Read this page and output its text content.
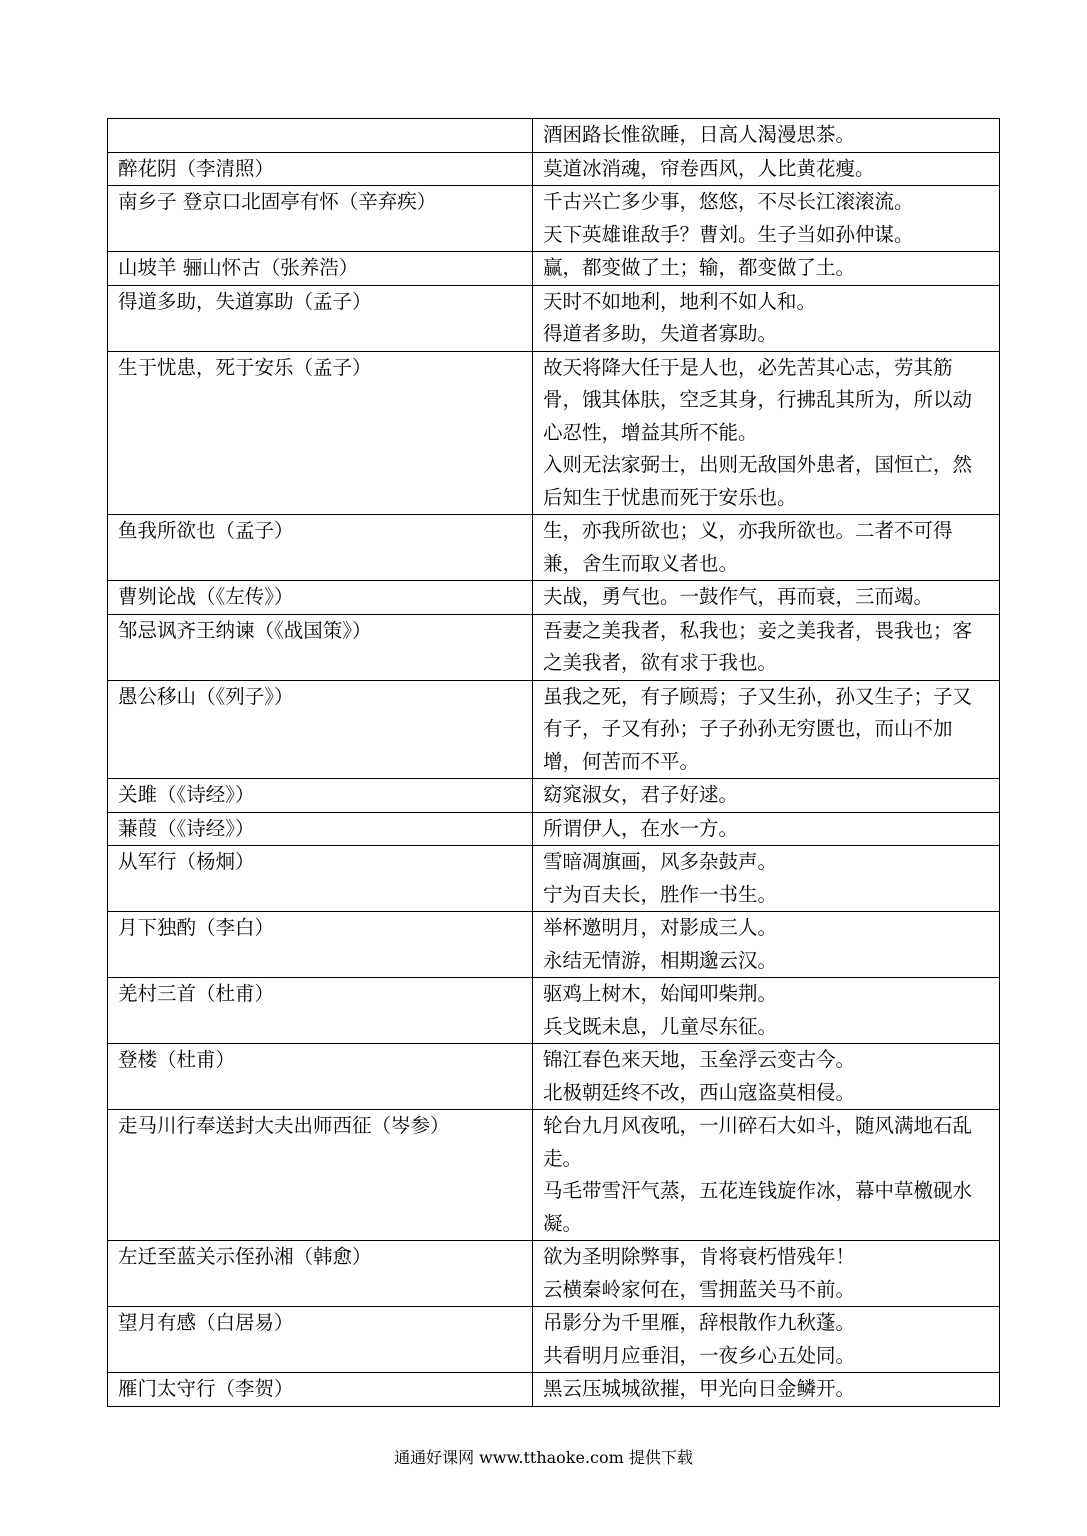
	酒困路长惟欲睡，日高人渴漫思茶。

醉花阴（李清照）	莫道冰消魂，帘卷西风，人比黄花瘦。

南乡子 登京口北固亭有怀（辛弃疾）	千古兴亡多少事，悠悠，不尽长江滚滚流。
天下英雄谁敌手？曹刘。生子当如孙仲谋。

山坡羊 骊山怀古（张养浩）	赢，都变做了土；输，都变做了土。

得道多助，失道寡助（孟子）	天时不如地利，地利不如人和。
得道者多助，失道者寡助。

生于忧患，死于安乐（孟子）	故天将降大任于是人也，必先苦其心志，劳其筋骨，饿其体肤，空乏其身，行拂乱其所为，所以动心忍性，增益其所不能。
入则无法家弼士，出则无敌国外患者，国恒亡，然后知生于忧患而死于安乐也。

鱼我所欲也（孟子）	生，亦我所欲也；义，亦我所欲也。二者不可得兼，舍生而取义者也。

曹刿论战（《左传》）	夫战，勇气也。一鼓作气，再而衰，三而竭。

邹忌讽齐王纳谏（《战国策》）	吾妻之美我者，私我也；妾之美我者，畏我也；客之美我者，欲有求于我也。

愚公移山（《列子》）	虽我之死，有子顾焉；子又生孙，孙又生子；子又有子，子又有孙；子子孙孙无穷匮也，而山不加增，何苦而不平。

关雎（《诗经》）	窈窕淑女，君子好逑。

蒹葭（《诗经》）	所谓伊人，在水一方。

从军行（杨炯）	雪暗凋旗画，风多杂鼓声。
宁为百夫长，胜作一书生。

月下独酌（李白）	举杯邀明月，对影成三人。
永结无情游，相期邈云汉。

羌村三首（杜甫）	驱鸡上树木，始闻叩柴荆。
兵戈既未息，儿童尽东征。

登楼（杜甫）	锦江春色来天地，玉垒浮云变古今。
北极朝廷终不改，西山寇盗莫相侵。

走马川行奉送封大夫出师西征（岑参）	轮台九月风夜吼，一川碎石大如斗，随风满地石乱走。
马毛带雪汗气蒸，五花连钱旋作冰，幕中草檄砚水凝。

左迁至蓝关示侄孙湘（韩愈）	欲为圣明除弊事，肯将衰朽惜残年！
云横秦岭家何在，雪拥蓝关马不前。

望月有感（白居易）	吊影分为千里雁，辞根散作九秋蓬。
共看明月应垂泪，一夜乡心五处同。

雁门太守行（李贺）	黑云压城城欲摧，甲光向日金鳞开。
通通好课网 www.tthaoke.com 提供下载
